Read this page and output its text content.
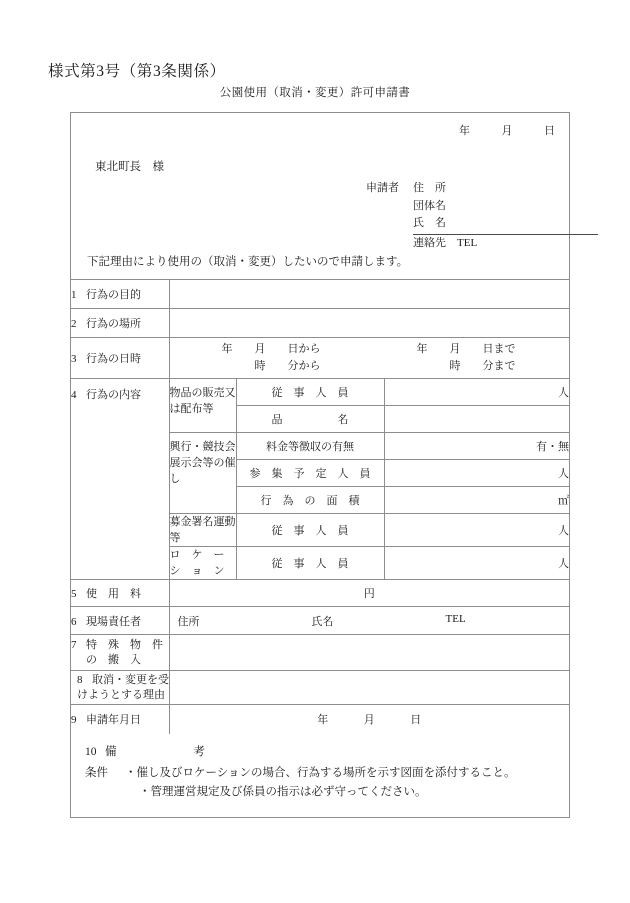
様式第3号（第3条関係）
公園使用（取消・変更）許可申請書
年	月	日
東北町長　様
申請者 住　所
団体名
氏　名
連絡先　TEL
下記理由により使用の（取消・変更）したいので申請します。
1 行為の目的			
2 行為の場所			
3 行為の日時	年　　月　　日から
時　　分から
年　　月　　日まで
時　　分まで		

4 行為の内容	物品の販売又は配布等	従　事　人　員	人
		品　　　　　名	
	興行・競技会展示会等の催し	料金等徴収の有無	有・無
		参　集　予　定　人　員	人
		行　為　の　面　積	㎡
	募金署名運動等	従　事　人　員	人
	ロ　ケ　ー　シ　ョ　ン	従　事　人　員	人
5 使　用　料	円		
6 現場責任者	住所 氏名 TEL		

7 特　殊　物　件
の　搬　入			

8 取消・変更を受
けようとする理由			

9 申請年月日	年 月 日		
10 備　　考
条件	・催し及びロケーションの場合、行為する場所を示す図面を添付すること。
・管理運営規定及び係員の指示は必ず守ってください。
